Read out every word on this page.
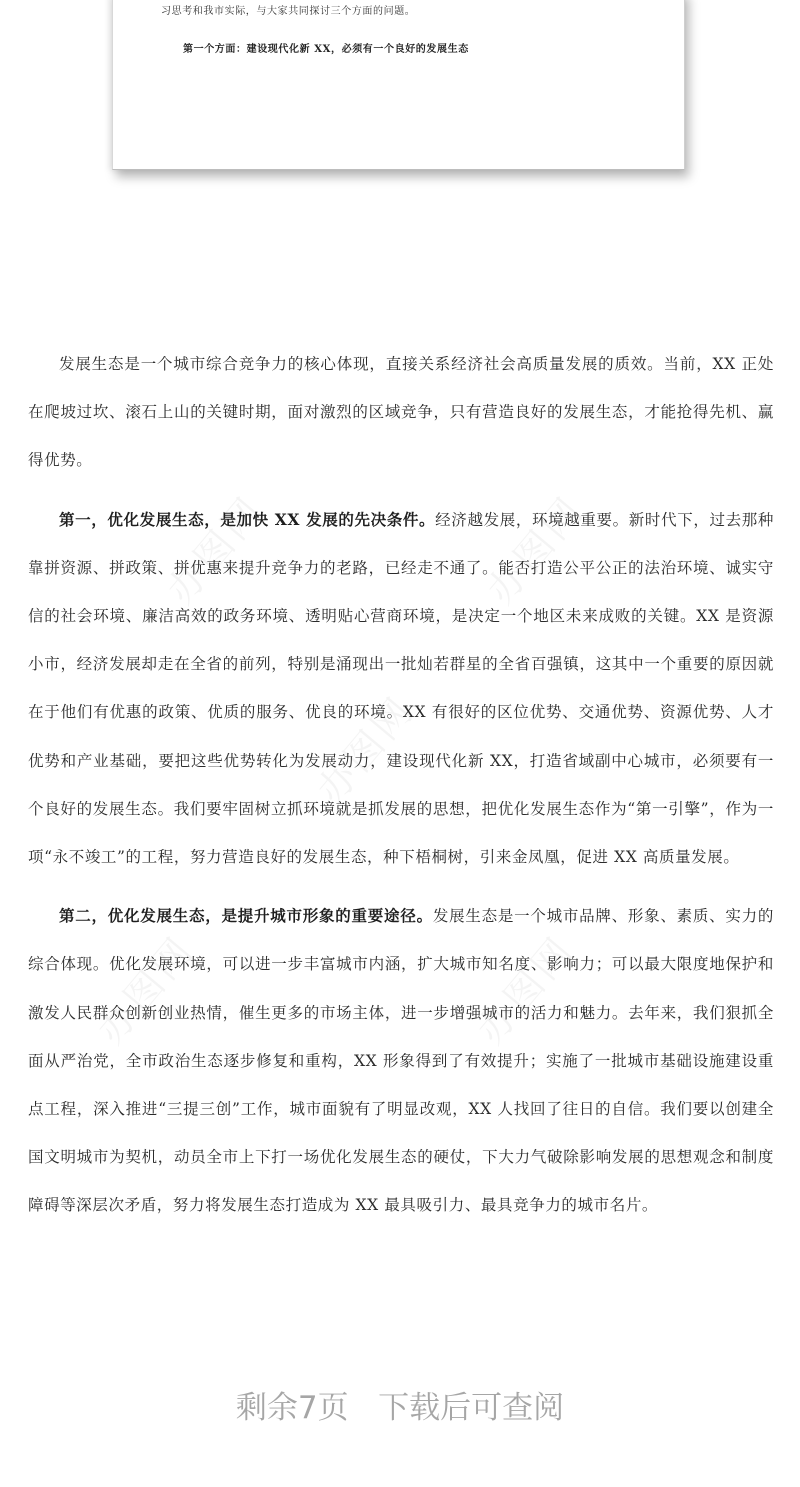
习思考和我市实际，与大家共同探讨三个方面的问题。
第一个方面：建设现代化新 XX，必须有一个良好的发展生态

发展生态是一个城市综合竞争力的核心体现，直接关系经济社会高质量发展的质效。当前，XX 正处在爬坡过坎、滚石上山的关键时期，面对激烈的区域竞争，只有营造良好的发展生态，才能抢得先机、赢得优势。

第一，优化发展生态，是加快 XX 发展的先决条件。经济越发展，环境越重要。新时代下，过去那种靠拼资源、拼政策、拼优惠来提升竞争力的老路，已经走不通了。能否打造公平公正的法治环境、诚实守信的社会环境、廉洁高效的政务环境、透明贴心营商环境，是决定一个地区未来成败的关键。XX 是资源小市，经济发展却走在全省的前列，特别是涌现出一批灿若群星的全省百强镇，这其中一个重要的原因就在于他们有优惠的政策、优质的服务、优良的环境。XX 有很好的区位优势、交通优势、资源优势、人才优势和产业基础，要把这些优势转化为发展动力，建设现代化新 XX，打造省域副中心城市，必须要有一个良好的发展生态。我们要牢固树立抓环境就是抓发展的思想，把优化发展生态作为“第一引擎”，作为一项“永不竣工”的工程，努力营造良好的发展生态，种下梧桐树，引来金凤凰，促进 XX 高质量发展。

第二，优化发展生态，是提升城市形象的重要途径。发展生态是一个城市品牌、形象、素质、实力的综合体现。优化发展环境，可以进一步丰富城市内涵，扩大城市知名度、影响力；可以最大限度地保护和激发人民群众创新创业热情，催生更多的市场主体，进一步增强城市的活力和魅力。去年来，我们狠抓全面从严治党，全市政治生态逐步修复和重构，XX 形象得到了有效提升；实施了一批城市基础设施建设重点工程，深入推进“三提三创”工作，城市面貌有了明显改观，XX 人找回了往日的自信。我们要以创建全国文明城市为契机，动员全市上下打一场优化发展生态的硬仗，下大力气破除影响发展的思想观念和制度障碍等深层次矛盾，努力将发展生态打造成为 XX 最具吸引力、最具竞争力的城市名片。

剩余7页   下载后可查阅
